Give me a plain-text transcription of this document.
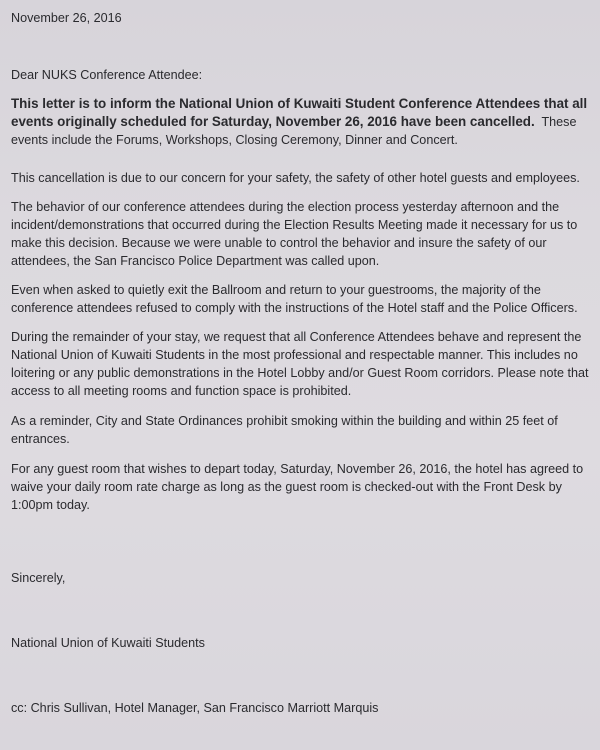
November 26, 2016

Dear NUKS Conference Attendee:

This letter is to inform the National Union of Kuwaiti Student Conference Attendees that all events originally scheduled for Saturday, November 26, 2016 have been cancelled. These events include the Forums, Workshops, Closing Ceremony, Dinner and Concert.

This cancellation is due to our concern for your safety, the safety of other hotel guests and employees.

The behavior of our conference attendees during the election process yesterday afternoon and the incident/demonstrations that occurred during the Election Results Meeting made it necessary for us to make this decision. Because we were unable to control the behavior and insure the safety of our attendees, the San Francisco Police Department was called upon.

Even when asked to quietly exit the Ballroom and return to your guestrooms, the majority of the conference attendees refused to comply with the instructions of the Hotel staff and the Police Officers.

During the remainder of your stay, we request that all Conference Attendees behave and represent the National Union of Kuwaiti Students in the most professional and respectable manner. This includes no loitering or any public demonstrations in the Hotel Lobby and/or Guest Room corridors. Please note that access to all meeting rooms and function space is prohibited.

As a reminder, City and State Ordinances prohibit smoking within the building and within 25 feet of entrances.

For any guest room that wishes to depart today, Saturday, November 26, 2016, the hotel has agreed to waive your daily room rate charge as long as the guest room is checked-out with the Front Desk by 1:00pm today.

Sincerely,

National Union of Kuwaiti Students

cc: Chris Sullivan, Hotel Manager, San Francisco Marriott Marquis
